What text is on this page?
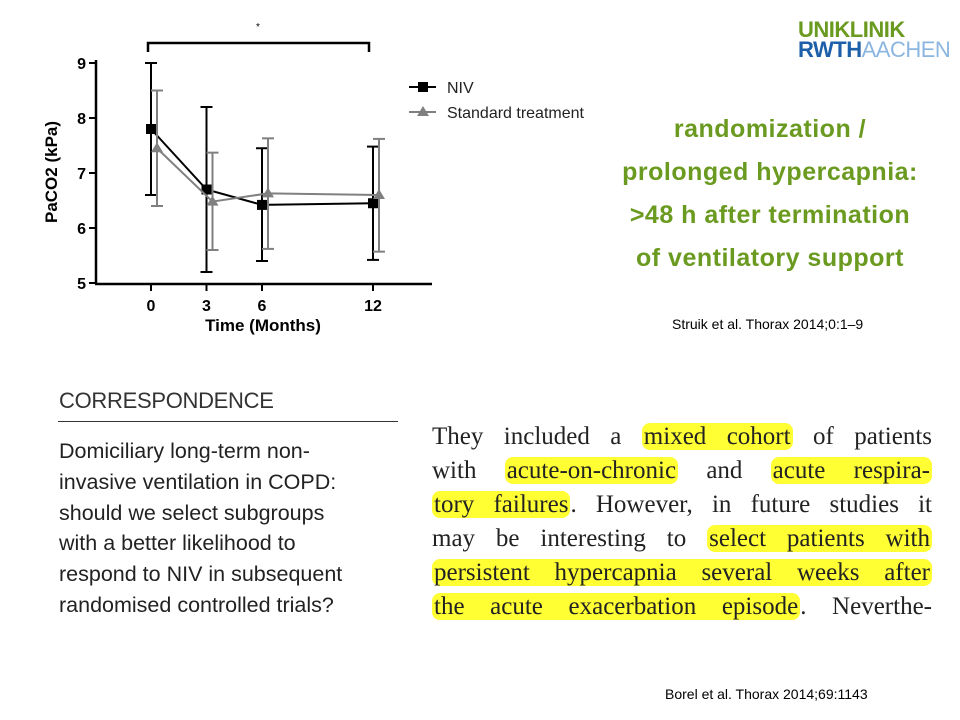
5
6
7
8
9
0	3	6	12
Time (Months)
PaCO2 (kPa)
*
NIV
Standard treatment
UNIKLINIK
RWTHAACHEN
randomization /
prolonged hypercapnia:
>48 h after termination
of ventilatory support
Struik et al. Thorax 2014;0:1–9
Borel et al. Thorax 2014;69:1143
CORRESPONDENCE
Domiciliary long-term non-
invasive ventilation in COPD:
should we select subgroups
with a better likelihood to
respond to NIV in subsequent
randomised controlled trials?
They included a mixed cohort of patients
with acute-on-chronic and acute respira-
tory failures. However, in future studies it
may be interesting to select patients with
persistent hypercapnia several weeks after
the acute exacerbation episode. Neverthe-
